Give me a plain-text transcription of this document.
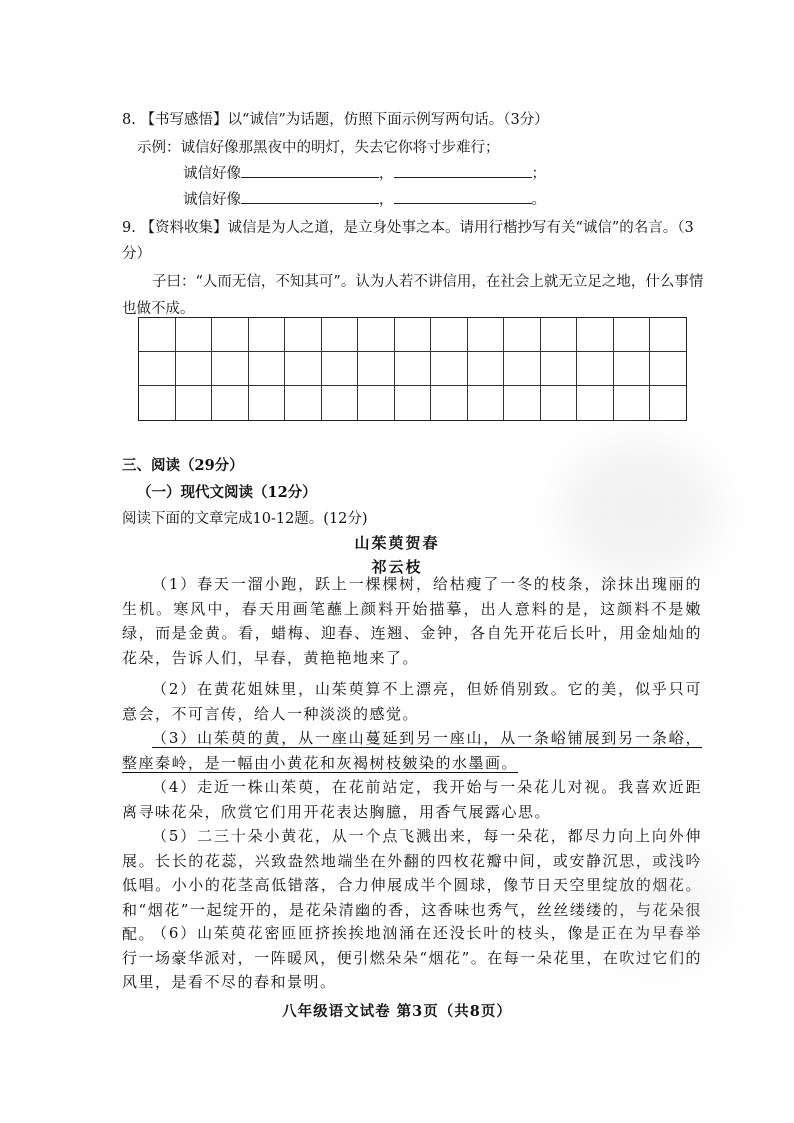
8. 【书写感悟】以“诚信”为话题，仿照下面示例写两句话。（3分）
示例：诚信好像那黑夜中的明灯，失去它你将寸步难行；
诚信好像	，	；
诚信好像	，	。
9. 【资料收集】诚信是为人之道，是立身处事之本。请用行楷抄写有关“诚信”的名言。（3
分）
子曰：“人而无信，不知其可”。认为人若不讲信用，在社会上就无立足之地，什么事情
也做不成。
三、阅读（29分）
（一）现代文阅读（12分）
阅读下面的文章完成10-12题。(12分)
山茱萸贺春
祁云枝

（1）春天一溜小跑，跃上一棵棵树，给枯瘦了一冬的枝条，涂抹出瑰丽的生机。寒风中，春天用画笔蘸上颜料开始描摹，出人意料的是，这颜料不是嫩绿，而是金黄。看，蜡梅、迎春、连翘、金钟，各自先开花后长叶，用金灿灿的花朵，告诉人们，早春，黄艳艳地来了。

（2）在黄花姐妹里，山茱萸算不上漂亮，但娇俏别致。它的美，似乎只可意会，不可言传，给人一种淡淡的感觉。

（3）山茱萸的黄，从一座山蔓延到另一座山，从一条峪铺展到另一条峪，整座秦岭，是一幅由小黄花和灰褐树枝皴染的水墨画。

（4）走近一株山茱萸，在花前站定，我开始与一朵花儿对视。我喜欢近距离寻味花朵，欣赏它们用开花表达胸臆，用香气展露心思。

（5）二三十朵小黄花，从一个点飞溅出来，每一朵花，都尽力向上向外伸展。长长的花蕊，兴致盎然地端坐在外翻的四枚花瓣中间，或安静沉思，或浅吟低唱。小小的花茎高低错落，合力伸展成半个圆球，像节日天空里绽放的烟花。和“烟花”一起绽开的，是花朵清幽的香，这香味也秀气，丝丝缕缕的，与花朵很配。

（6）山茱萸花密匝匝挤挨挨地汹涌在还没长叶的枝头，像是正在为早春举行一场豪华派对，一阵暖风，便引燃朵朵“烟花”。在每一朵花里，在吹过它们的风里，是看不尽的春和景明。

八年级语文试卷 第3页（共8页）
